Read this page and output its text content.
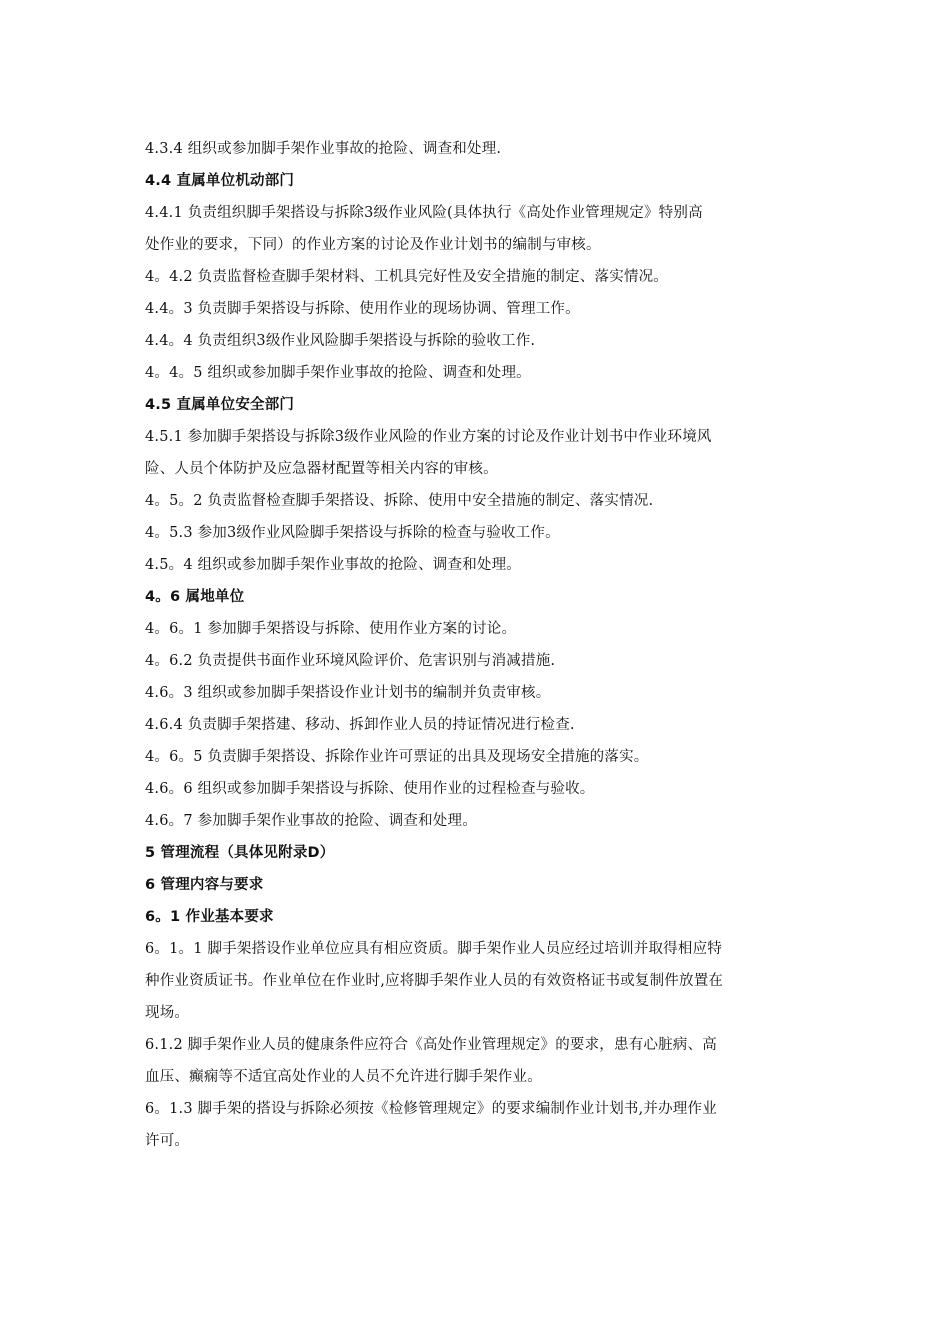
4.3.4 组织或参加脚手架作业事故的抢险、调查和处理.
4.4 直属单位机动部门
4.4.1 负责组织脚手架搭设与拆除3级作业风险(具体执行《高处作业管理规定》特别高
处作业的要求，下同）的作业方案的讨论及作业计划书的编制与审核。
4。4.2 负责监督检查脚手架材料、工机具完好性及安全措施的制定、落实情况。
4.4。3 负责脚手架搭设与拆除、使用作业的现场协调、管理工作。
4.4。4 负责组织3级作业风险脚手架搭设与拆除的验收工作.
4。4。5 组织或参加脚手架作业事故的抢险、调查和处理。
4.5 直属单位安全部门
4.5.1 参加脚手架搭设与拆除3级作业风险的作业方案的讨论及作业计划书中作业环境风
险、人员个体防护及应急器材配置等相关内容的审核。
4。5。2 负责监督检查脚手架搭设、拆除、使用中安全措施的制定、落实情况.
4。5.3 参加3级作业风险脚手架搭设与拆除的检查与验收工作。
4.5。4 组织或参加脚手架作业事故的抢险、调查和处理。
4。6 属地单位
4。6。1 参加脚手架搭设与拆除、使用作业方案的讨论。
4。6.2 负责提供书面作业环境风险评价、危害识别与消减措施.
4.6。3 组织或参加脚手架搭设作业计划书的编制并负责审核。
4.6.4 负责脚手架搭建、移动、拆卸作业人员的持证情况进行检查.
4。6。5 负责脚手架搭设、拆除作业许可票证的出具及现场安全措施的落实。
4.6。6 组织或参加脚手架搭设与拆除、使用作业的过程检查与验收。
4.6。7 参加脚手架作业事故的抢险、调查和处理。
5 管理流程（具体见附录D）
6 管理内容与要求
6。1 作业基本要求
6。1。1 脚手架搭设作业单位应具有相应资质。脚手架作业人员应经过培训并取得相应特
种作业资质证书。作业单位在作业时,应将脚手架作业人员的有效资格证书或复制件放置在
现场。
6.1.2 脚手架作业人员的健康条件应符合《高处作业管理规定》的要求，患有心脏病、高
血压、癫痫等不适宜高处作业的人员不允许进行脚手架作业。
6。1.3 脚手架的搭设与拆除必须按《检修管理规定》的要求编制作业计划书,并办理作业
许可。
